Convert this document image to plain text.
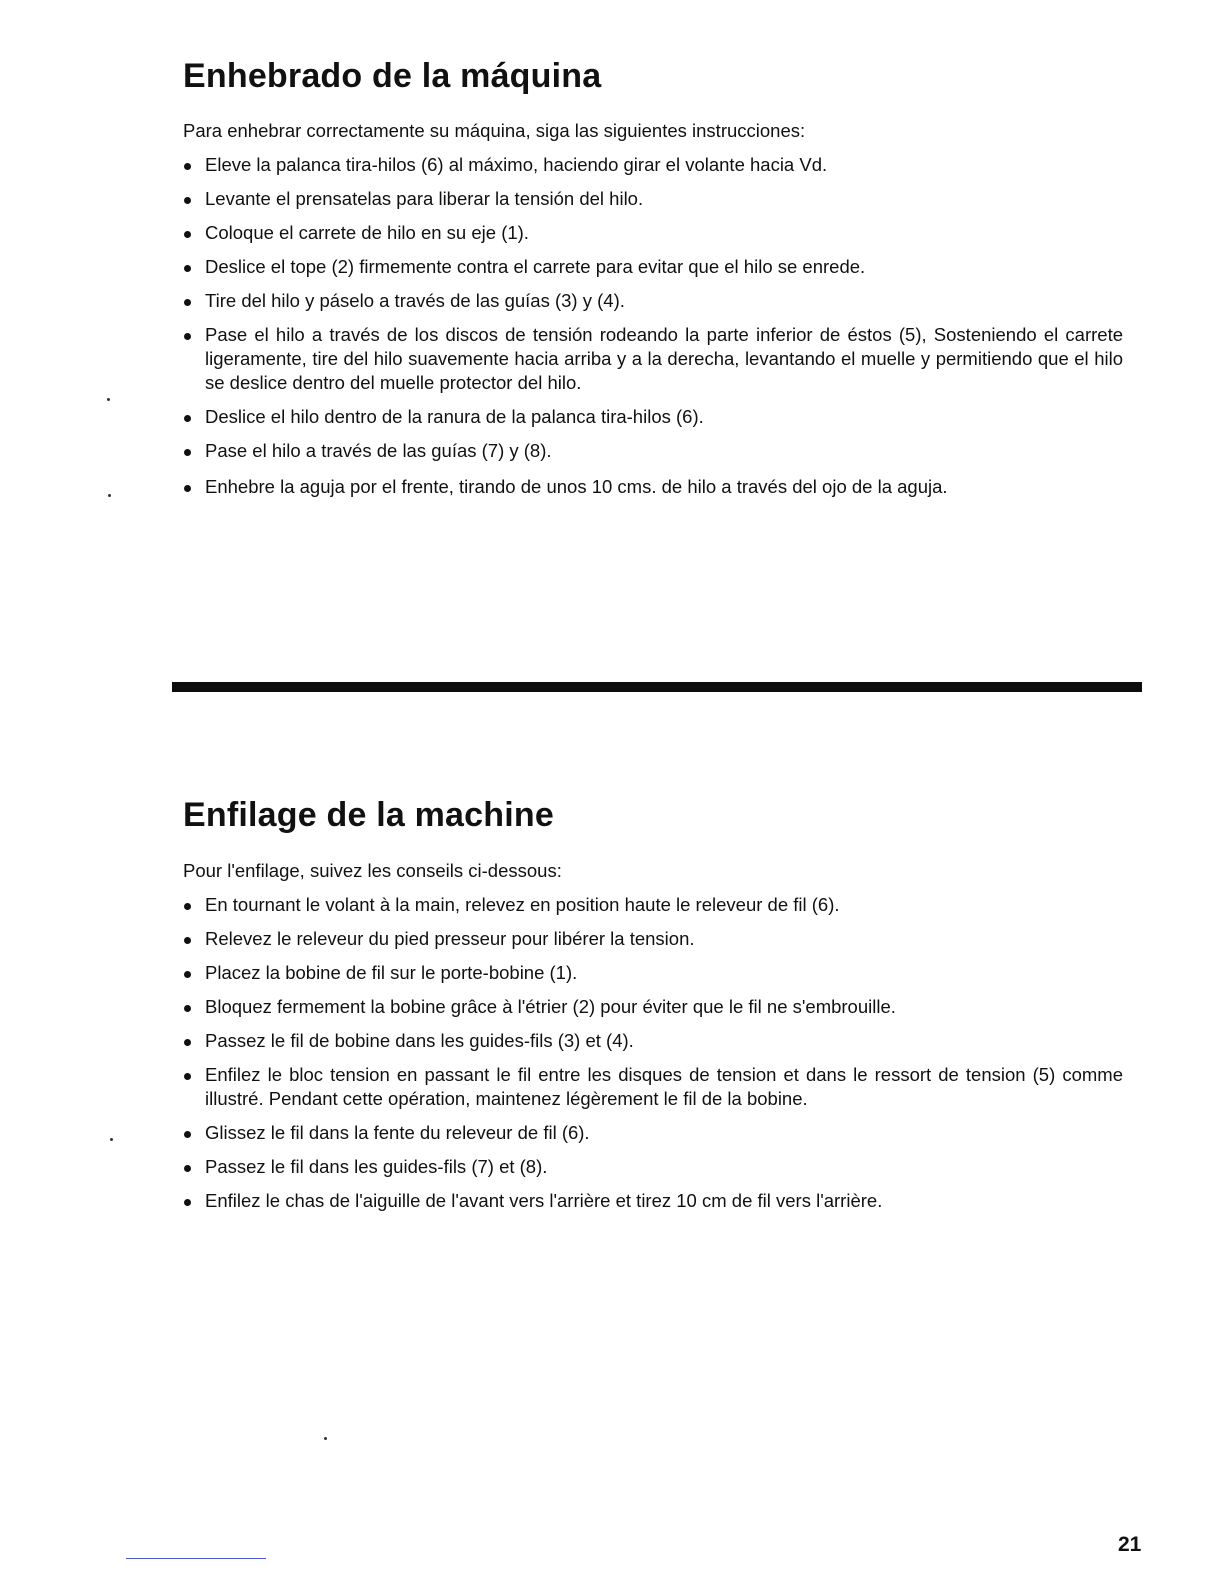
Enhebrado de la máquina

Para enhebrar correctamente su máquina, siga las siguientes instrucciones:

Eleve la palanca tira-hilos (6) al máximo, haciendo girar el volante hacia Vd.
Levante el prensatelas para liberar la tensión del hilo.
Coloque el carrete de hilo en su eje (1).
Deslice el tope (2) firmemente contra el carrete para evitar que el hilo se enrede.
Tire del hilo y páselo a través de las guías (3) y (4).
Pase el hilo a través de los discos de tensión rodeando la parte inferior de éstos (5), Sosteniendo el carrete ligeramente, tire del hilo suavemente hacia arriba y a la derecha, levantando el muelle y permitiendo que el hilo se deslice dentro del muelle protector del hilo.
Deslice el hilo dentro de la ranura de la palanca tira-hilos (6).
Pase el hilo a través de las guías (7) y (8).
Enhebre la aguja por el frente, tirando de unos 10 cms. de hilo a través del ojo de la aguja.
Enfilage de la machine

Pour l'enfilage, suivez les conseils ci-dessous:

En tournant le volant à la main, relevez en position haute le releveur de fil (6).
Relevez le releveur du pied presseur pour libérer la tension.
Placez la bobine de fil sur le porte-bobine (1).
Bloquez fermement la bobine grâce à l'étrier (2) pour éviter que le fil ne s'embrouille.
Passez le fil de bobine dans les guides-fils (3) et (4).
Enfilez le bloc tension en passant le fil entre les disques de tension et dans le ressort de tension (5) comme illustré. Pendant cette opération, maintenez légèrement le fil de la bobine.
Glissez le fil dans la fente du releveur de fil (6).
Passez le fil dans les guides-fils (7) et (8).
Enfilez le chas de l'aiguille de l'avant vers l'arrière et tirez 10 cm de fil vers l'arrière.
21
